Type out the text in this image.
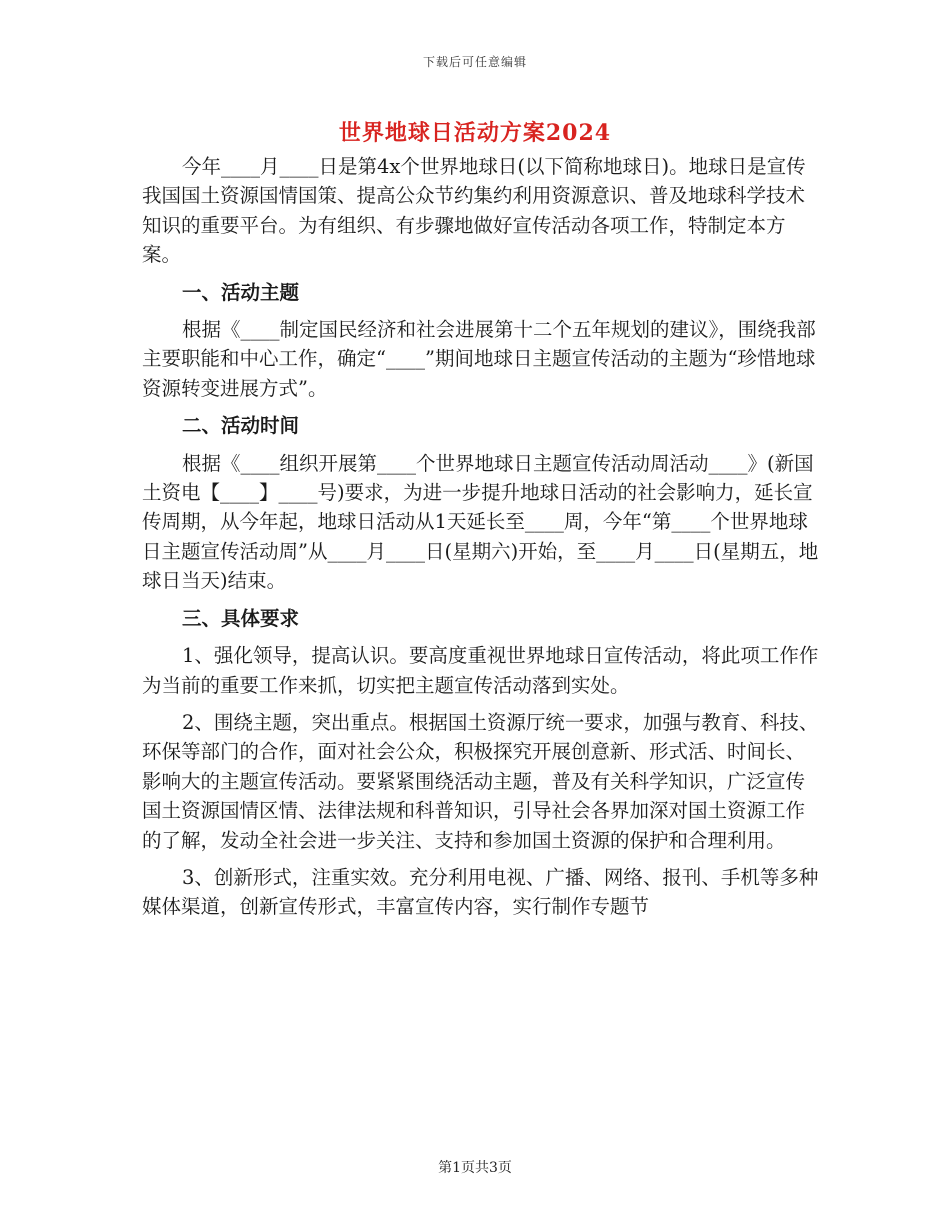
下载后可任意编辑
世界地球日活动方案2024

今年____月____日是第4x个世界地球日(以下简称地球日)。地球日是宣传我国国土资源国情国策、提高公众节约集约利用资源意识、普及地球科学技术知识的重要平台。为有组织、有步骤地做好宣传活动各项工作，特制定本方案。

一、活动主题

根据《____制定国民经济和社会进展第十二个五年规划的建议》，围绕我部主要职能和中心工作，确定“____”期间地球日主题宣传活动的主题为“珍惜地球资源转变进展方式”。

二、活动时间

根据《____组织开展第____个世界地球日主题宣传活动周活动____》(新国土资电【____】____号)要求，为进一步提升地球日活动的社会影响力，延长宣传周期，从今年起，地球日活动从1天延长至____周，今年“第____个世界地球日主题宣传活动周”从____月____日(星期六)开始，至____月____日(星期五，地球日当天)结束。

三、具体要求

1、强化领导，提高认识。要高度重视世界地球日宣传活动，将此项工作作为当前的重要工作来抓，切实把主题宣传活动落到实处。

2、围绕主题，突出重点。根据国土资源厅统一要求，加强与教育、科技、环保等部门的合作，面对社会公众，积极探究开展创意新、形式活、时间长、影响大的主题宣传活动。要紧紧围绕活动主题，普及有关科学知识，广泛宣传国土资源国情区情、法律法规和科普知识，引导社会各界加深对国土资源工作的了解，发动全社会进一步关注、支持和参加国土资源的保护和合理利用。

3、创新形式，注重实效。充分利用电视、广播、网络、报刊、手机等多种媒体渠道，创新宣传形式，丰富宣传内容，实行制作专题节

第1页共3页
